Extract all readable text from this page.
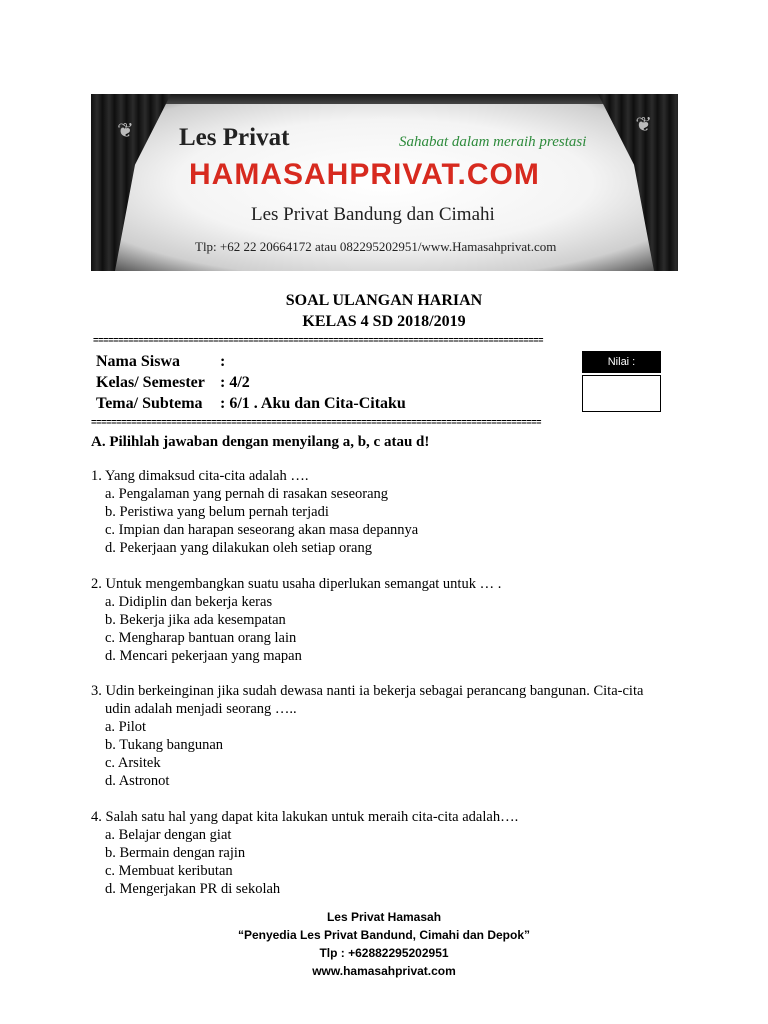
❦	❦
Les Privat	Sahabat dalam meraih prestasi
HAMASAHPRIVAT.COM
Les Privat Bandung dan Cimahi
Tlp: +62 22 20664172 atau 082295202951/www.Hamasahprivat.com
SOAL ULANGAN HARIAN
KELAS 4 SD 2018/2019
==========================================================================================
Nama Siswa :
Kelas/ Semester : 4/2
Tema/ Subtema : 6/1 . Aku dan Cita-Citaku
Nilai :
==========================================================================================
A. Pilihlah jawaban dengan menyilang a, b, c atau d!
1. Yang dimaksud cita-cita adalah ….
a. Pengalaman yang pernah di rasakan seseorang
b. Peristiwa yang belum pernah terjadi
c. Impian dan harapan seseorang akan masa depannya
d. Pekerjaan yang dilakukan oleh setiap orang
2. Untuk mengembangkan suatu usaha diperlukan semangat untuk … .
a. Didiplin dan bekerja keras
b. Bekerja jika ada kesempatan
c. Mengharap bantuan orang lain
d. Mencari pekerjaan yang mapan
3. Udin berkeinginan jika sudah dewasa nanti ia bekerja sebagai perancang bangunan. Cita-cita
udin adalah menjadi seorang …..
a. Pilot
b. Tukang bangunan
c. Arsitek
d. Astronot
4. Salah satu hal yang dapat kita lakukan untuk meraih cita-cita adalah….
a. Belajar dengan giat
b. Bermain dengan rajin
c. Membuat keributan
d. Mengerjakan PR di sekolah
Les Privat Hamasah
“Penyedia Les Privat Bandund, Cimahi dan Depok”
Tlp : +62882295202951
www.hamasahprivat.com
